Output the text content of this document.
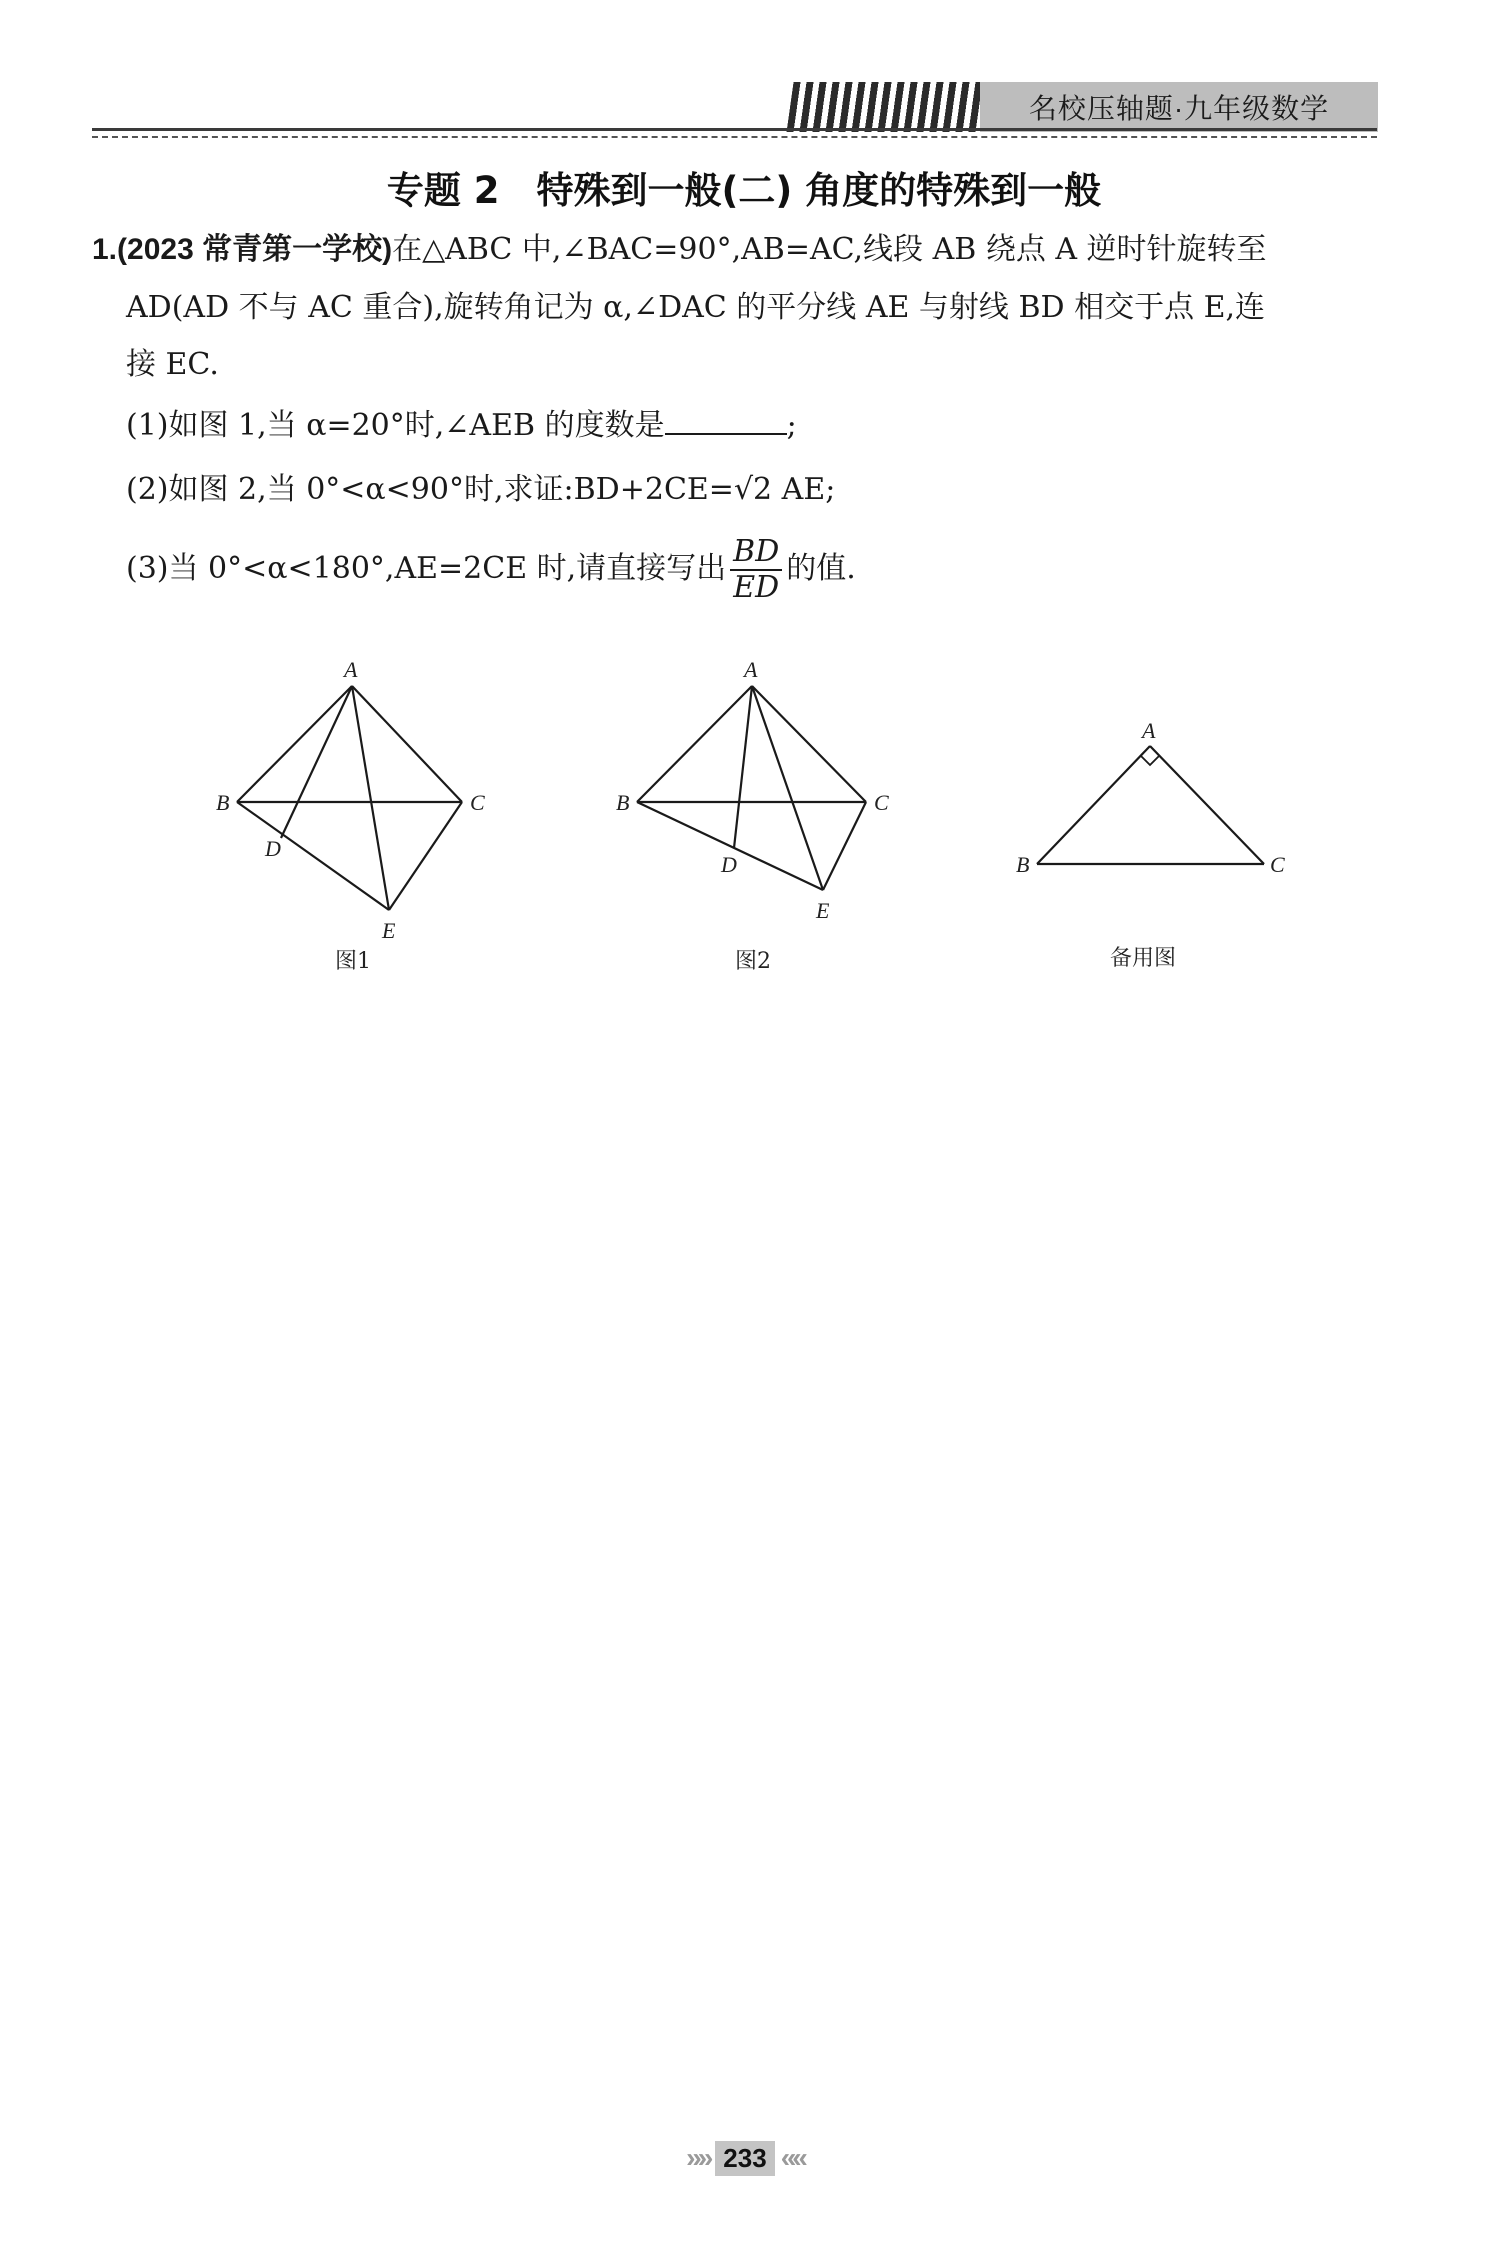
名校压轴题·九年级数学
专题 2　特殊到一般(二) 角度的特殊到一般
1.(2023 常青第一学校)在△ABC 中,∠BAC=90°,AB=AC,线段 AB 绕点 A 逆时针旋转至
AD(AD 不与 AC 重合),旋转角记为 α,∠DAC 的平分线 AE 与射线 BD 相交于点 E,连
接 EC.
(1)如图 1,当 α=20°时,∠AEB 的度数是	;
(2)如图 2,当 0°<α<90°时,求证:BD+2CE=√2 AE;
(3)当 0°<α<180°,AE=2CE 时,请直接写出 $\frac{BD}{ED}$ 的值.
A
B	C
D
E
图1
A
B	C
D
E
图2
A
B	C
备用图
»» 233 ««
